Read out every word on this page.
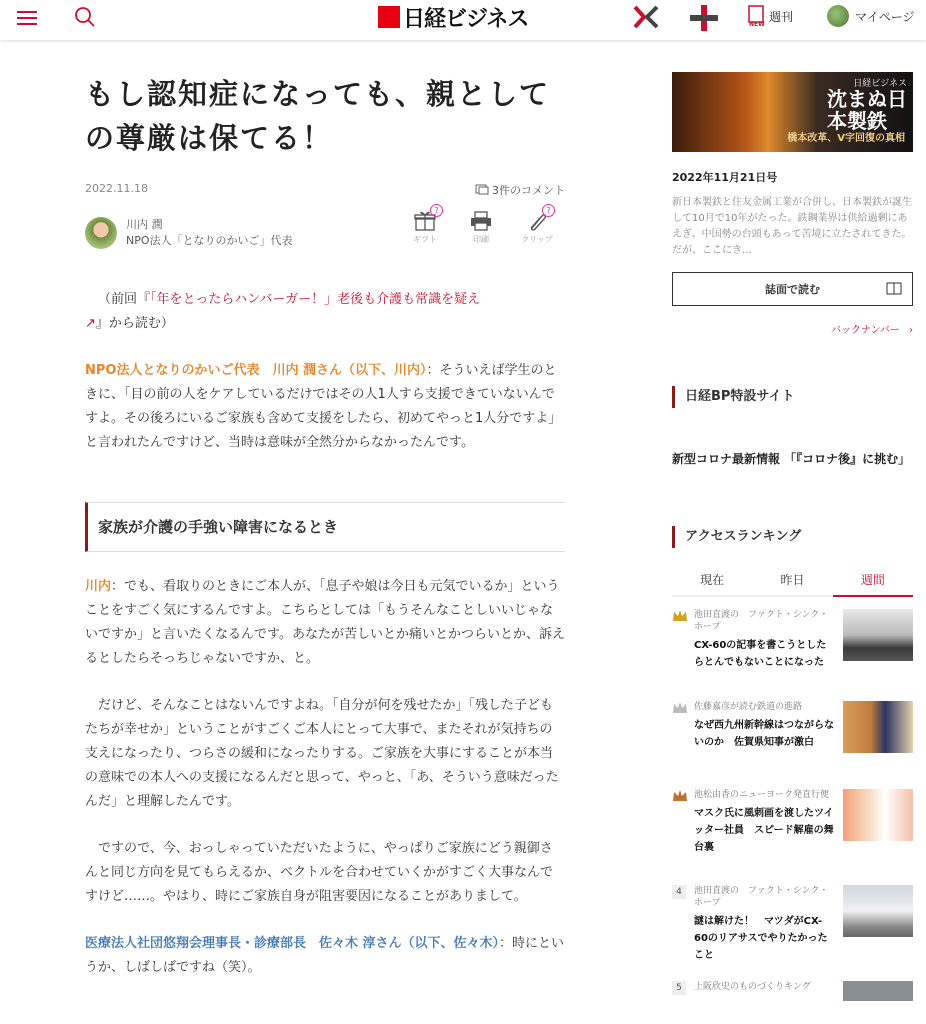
日経ビジネス	NEW
週刊	マイページ
もし認知症になっても、親としての尊厳は保てる！
2022.11.18	3件のコメント
川内 潤
NPO法人「となりのかいご」代表
?
ギフト	印刷
?
クリップ

（前回『「年をとったらハンバーガー！」老後も介護も常識を疑え↗』から読む）

NPO法人となりのかいご代表　川内 潤さん（以下、川内）：そういえば学生のときに、「目の前の人をケアしているだけではその人1人すら支援できていないんですよ。その後ろにいるご家族も含めて支援をしたら、初めてやっと1人分ですよ」と言われたんですけど、当時は意味が全然分からなかったんです。

家族が介護の手強い障害になるとき

川内：でも、看取りのときにご本人が、「息子や娘は今日も元気でいるか」ということをすごく気にするんですよ。こちらとしては「もうそんなことしいいじゃないですか」と言いたくなるんです。あなたが苦しいとか痛いとかつらいとか、訴えるとしたらそっちじゃないですか、と。

だけど、そんなことはないんですよね。「自分が何を残せたか」「残した子どもたちが幸せか」ということがすごくご本人にとって大事で、またそれが気持ちの支えになったり、つらさの緩和になったりする。ご家族を大事にすることが本当の意味での本人への支援になるんだと思って、やっと、「あ、そういう意味だったんだ」と理解したんです。

ですので、今、おっしゃっていただいたように、やっぱりご家族にどう親御さんと同じ方向を見てもらえるか、ベクトルを合わせていくかがすごく大事なんですけど……。やはり、時にご家族自身が阻害要因になることがありまして。

医療法人社団悠翔会理事長・診療部長　佐々木 淳さん（以下、佐々木）：時にというか、しばしばですね（笑）。

日経ビジネス
沈まぬ日本製鉄
橋本改革、V字回復の真相
2022年11月21日号
新日本製鉄と住友金属工業が合併し、日本製鉄が誕生して10月で10年がたった。鉄鋼業界は供給過剰にあえぎ、中国勢の台頭もあって苦境に立たされてきた。だが、ここにき…
誌面で読む
バックナンバー ›
日経BP特設サイト
新型コロナ最新情報 「『コロナ後』に挑む」
アクセスランキング
現在	昨日	週間
池田直渡の　ファクト・シンク・ホープ
CX-60の記事を書こうとしたらとんでもないことになった
佐藤嘉彦が読む鉄道の進路
なぜ西九州新幹線はつながらないのか　佐賀県知事が激白
池松由香のニューヨーク発直行便
マスク氏に風刺画を渡したツイッター社員　スピード解雇の舞台裏
4	池田直渡の　ファクト・シンク・ホープ
謎は解けた！　マツダがCX-60のリアサスでやりたかったこと
5	上阪欣史のものづくりキング
